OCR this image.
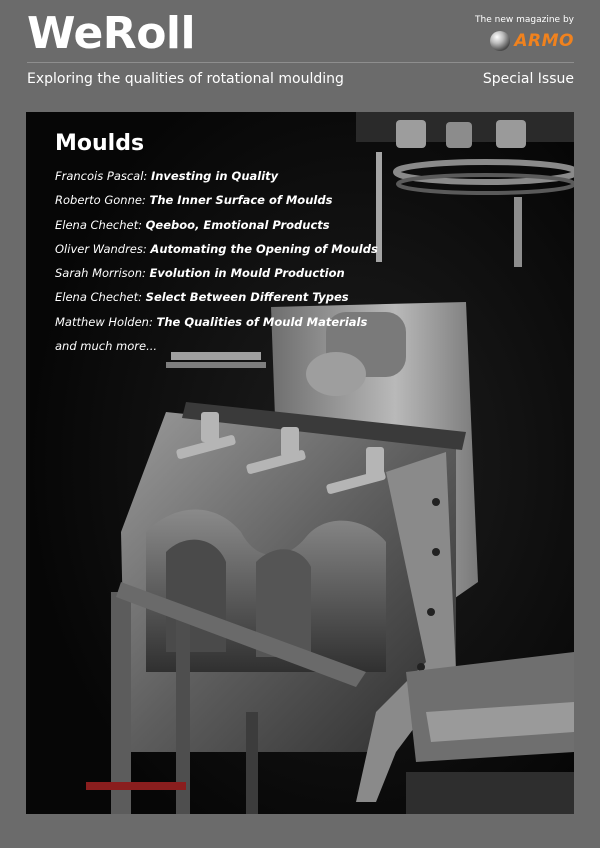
WeRoll	The new magazine by
ARMO
Exploring the qualities of rotational moulding	Special Issue
Moulds
Francois Pascal: Investing in Quality
Roberto Gonne: The Inner Surface of Moulds
Elena Chechet: Qeeboo, Emotional Products
Oliver Wandres: Automating the Opening of Moulds
Sarah Morrison: Evolution in Mould Production
Elena Chechet: Select Between Different Types
Matthew Holden: The Qualities of Mould Materials
and much more...
